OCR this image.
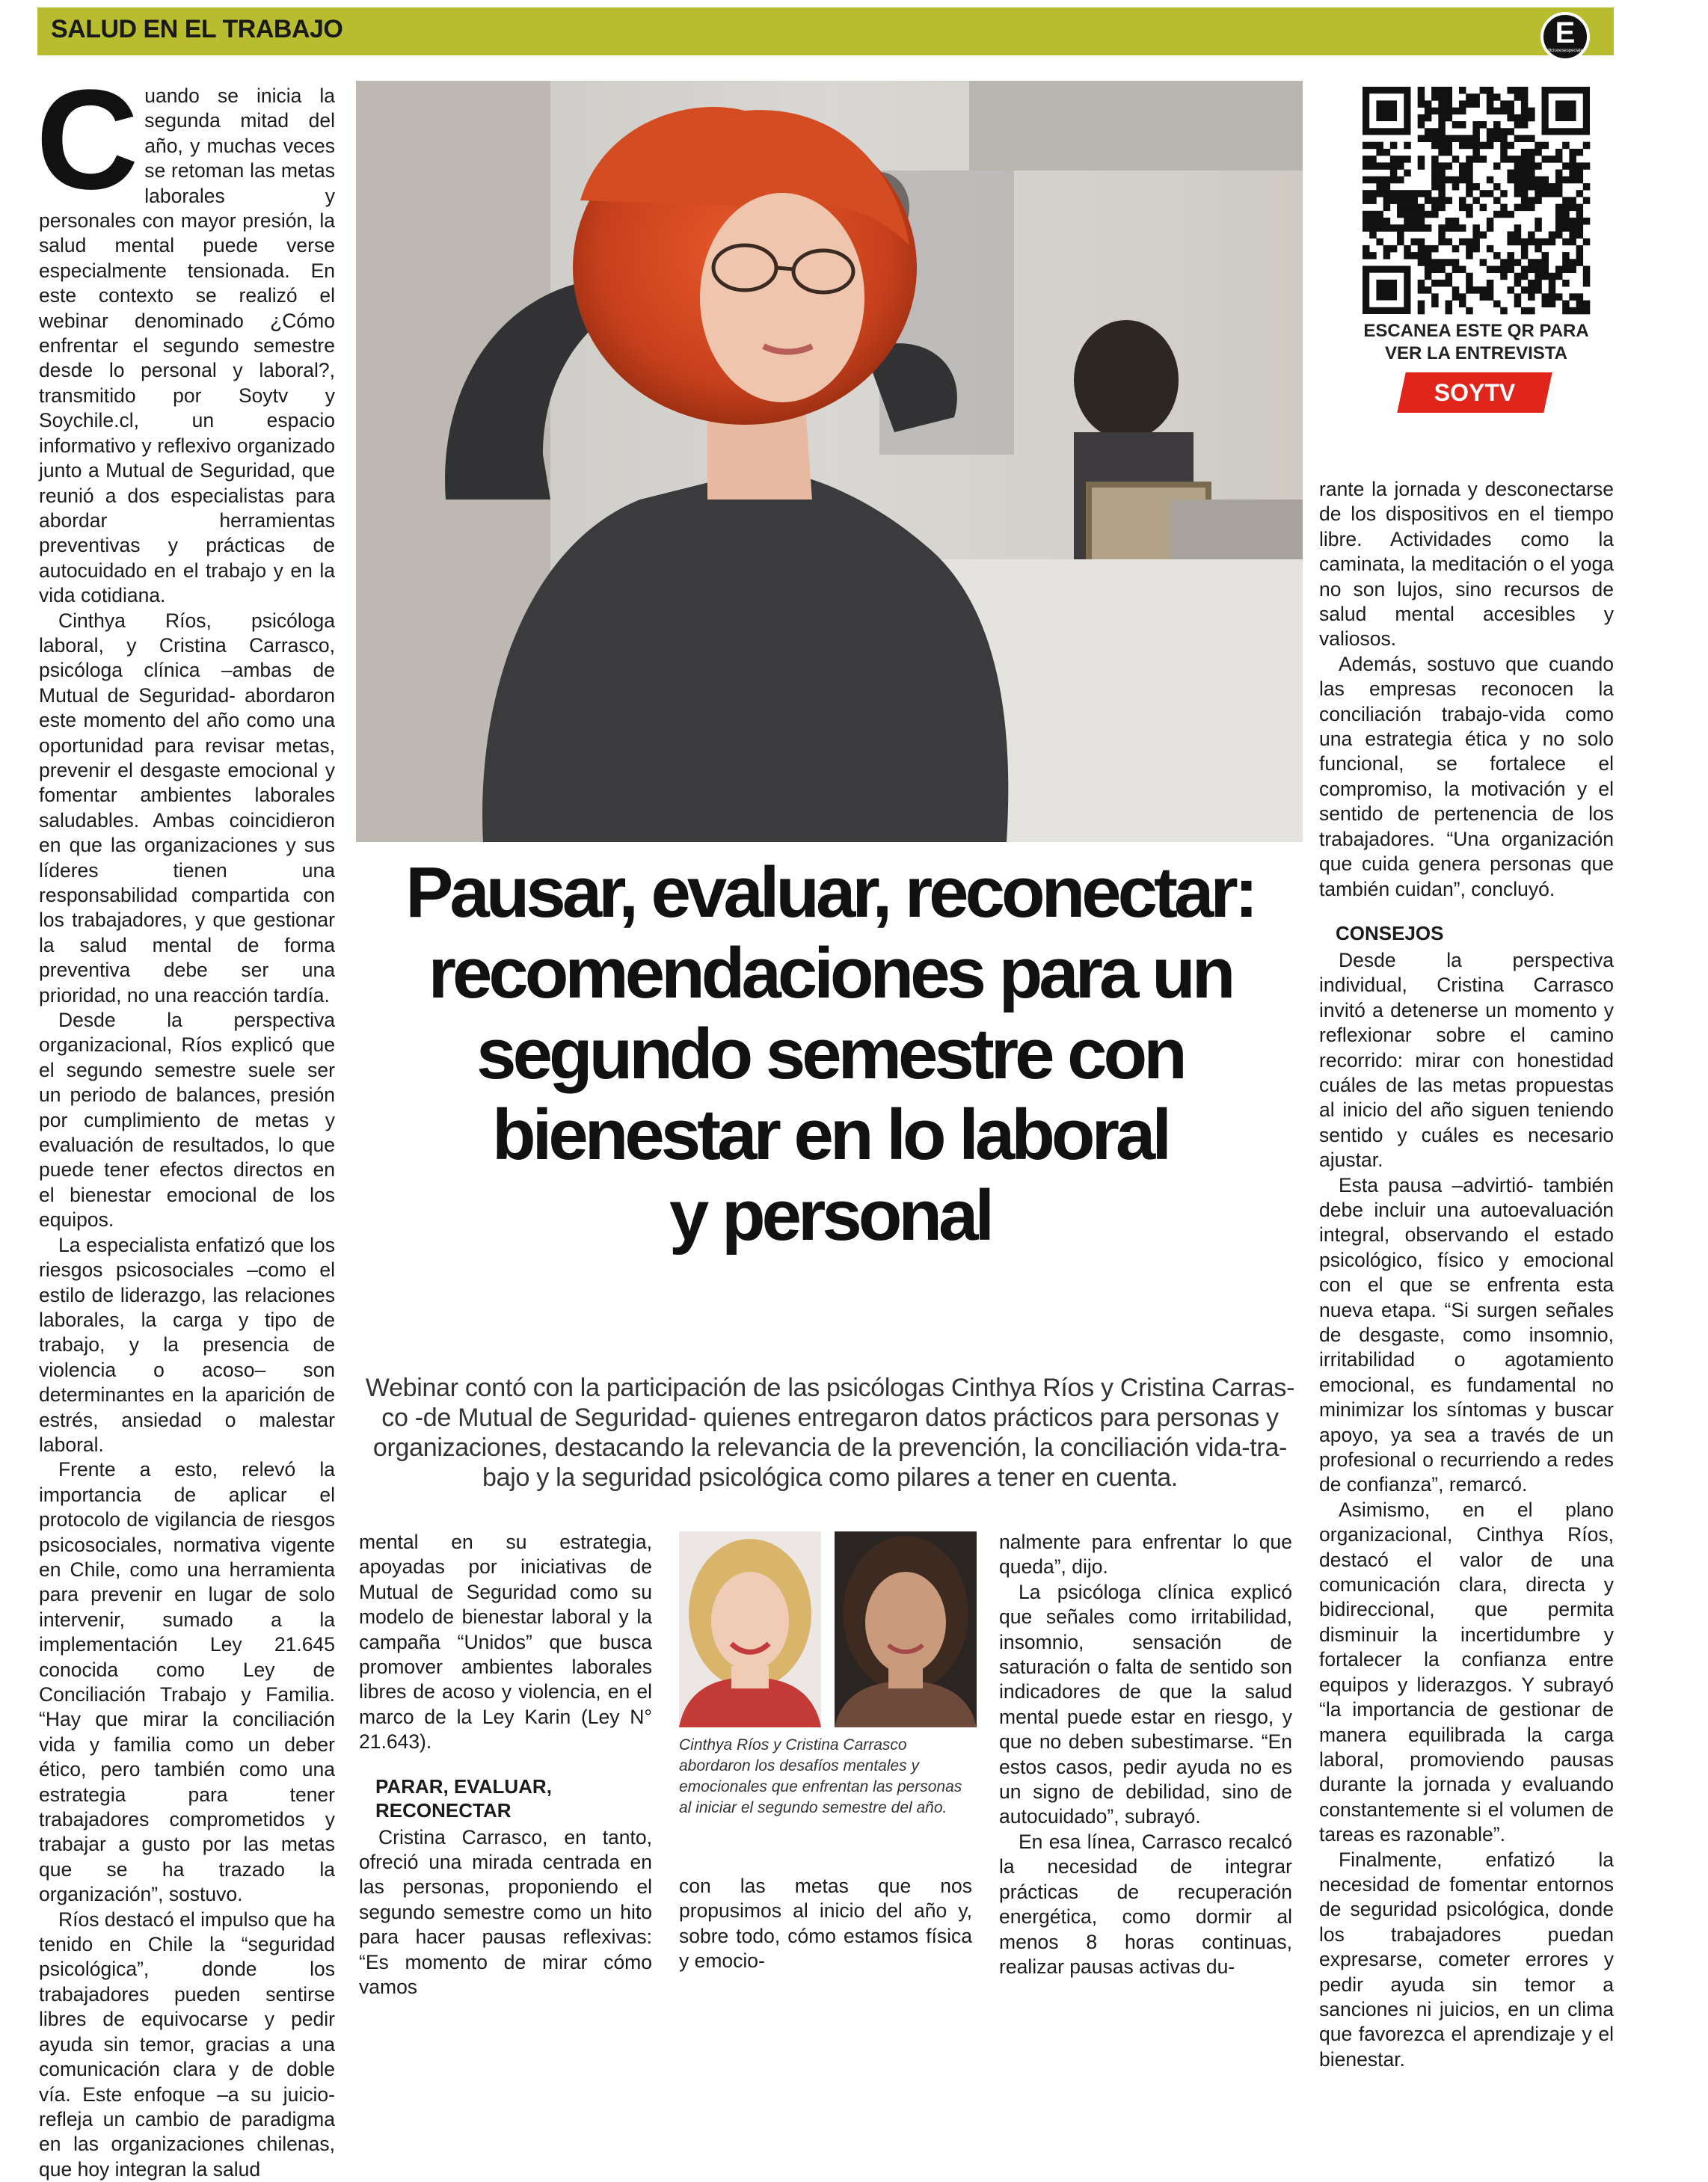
SALUD EN EL TRABAJO	E
edicionesespeciales

Cuando se inicia la segunda mitad del año, y muchas veces se retoman las metas laborales y personales con mayor presión, la salud mental puede verse especialmente tensionada. En este contexto se realizó el webinar denominado ¿Cómo enfrentar el segundo semestre desde lo personal y laboral?, transmitido por Soytv y Soychile.cl, un espacio informativo y reflexivo organizado junto a Mutual de Seguridad, que reunió a dos especialistas para abordar herramientas preventivas y prácticas de autocuidado en el trabajo y en la vida cotidiana.

Cinthya Ríos, psicóloga laboral, y Cristina Carrasco, psicóloga clínica –ambas de Mutual de Seguridad- abordaron este momento del año como una oportunidad para revisar metas, prevenir el desgaste emocional y fomentar ambientes laborales saludables. Ambas coincidieron en que las organizaciones y sus líderes tienen una responsabilidad compartida con los trabajadores, y que gestionar la salud mental de forma preventiva debe ser una prioridad, no una reacción tardía.

Desde la perspectiva organizacional, Ríos explicó que el segundo semestre suele ser un periodo de balances, presión por cumplimiento de metas y evaluación de resultados, lo que puede tener efectos directos en el bienestar emocional de los equipos.

La especialista enfatizó que los riesgos psicosociales –como el estilo de liderazgo, las relaciones laborales, la carga y tipo de trabajo, y la presencia de violencia o acoso– son determinantes en la aparición de estrés, ansiedad o malestar laboral.

Frente a esto, relevó la importancia de aplicar el protocolo de vigilancia de riesgos psicosociales, normativa vigente en Chile, como una herramienta para prevenir en lugar de solo intervenir, sumado a la implementación Ley 21.645 conocida como Ley de Conciliación Trabajo y Familia. “Hay que mirar la conciliación vida y familia como un deber ético, pero también como una estrategia para tener trabajadores comprometidos y trabajar a gusto por las metas que se ha trazado la organización”, sostuvo.

Ríos destacó el impulso que ha tenido en Chile la “seguridad psicológica”, donde los trabajadores pueden sentirse libres de equivocarse y pedir ayuda sin temor, gracias a una comunicación clara y de doble vía. Este enfoque –a su juicio- refleja un cambio de paradigma en las organizaciones chilenas, que hoy integran la salud

Pausar, evaluar, reconectar:
recomendaciones para un
segundo semestre con
bienestar en lo laboral
y personal
Webinar contó con la participación de las psicólogas Cinthya Ríos y Cristina Carras-
co -de Mutual de Seguridad- quienes entregaron datos prácticos para personas y
organizaciones, destacando la relevancia de la prevención, la conciliación vida-tra-
bajo y la seguridad psicológica como pilares a tener en cuenta.

mental en su estrategia, apoyadas por iniciativas de Mutual de Seguridad como su modelo de bienestar laboral y la campaña “Unidos” que busca promover ambientes laborales libres de acoso y violencia, en el marco de la Ley Karin (Ley N° 21.643).

PARAR, EVALUAR, RECONECTAR

Cristina Carrasco, en tanto, ofreció una mirada centrada en las personas, proponiendo el segundo semestre como un hito para hacer pausas reflexivas: “Es momento de mirar cómo vamos

Cinthya Ríos y Cristina Carrasco abordaron los desafíos mentales y emocionales que enfrentan las personas al iniciar el segundo semestre del año.

con las metas que nos propusimos al inicio del año y, sobre todo, cómo estamos física y emocio-

nalmente para enfrentar lo que queda”, dijo.

La psicóloga clínica explicó que señales como irritabilidad, insomnio, sensación de saturación o falta de sentido son indicadores de que la salud mental puede estar en riesgo, y que no deben subestimarse. “En estos casos, pedir ayuda no es un signo de debilidad, sino de autocuidado”, subrayó.

En esa línea, Carrasco recalcó la necesidad de integrar prácticas de recuperación energética, como dormir al menos 8 horas continuas, realizar pausas activas du-

ESCANEA ESTE QR PARA
VER LA ENTREVISTA
SOYTV

rante la jornada y desconectarse de los dispositivos en el tiempo libre. Actividades como la caminata, la meditación o el yoga no son lujos, sino recursos de salud mental accesibles y valiosos.

Además, sostuvo que cuando las empresas reconocen la conciliación trabajo-vida como una estrategia ética y no solo funcional, se fortalece el compromiso, la motivación y el sentido de pertenencia de los trabajadores. “Una organización que cuida genera personas que también cuidan”, concluyó.

CONSEJOS

Desde la perspectiva individual, Cristina Carrasco invitó a detenerse un momento y reflexionar sobre el camino recorrido: mirar con honestidad cuáles de las metas propuestas al inicio del año siguen teniendo sentido y cuáles es necesario ajustar.

Esta pausa –advirtió- también debe incluir una autoevaluación integral, observando el estado psicológico, físico y emocional con el que se enfrenta esta nueva etapa. “Si surgen señales de desgaste, como insomnio, irritabilidad o agotamiento emocional, es fundamental no minimizar los síntomas y buscar apoyo, ya sea a través de un profesional o recurriendo a redes de confianza”, remarcó.

Asimismo, en el plano organizacional, Cinthya Ríos, destacó el valor de una comunicación clara, directa y bidireccional, que permita disminuir la incertidumbre y fortalecer la confianza entre equipos y liderazgos. Y subrayó “la importancia de gestionar de manera equilibrada la carga laboral, promoviendo pausas durante la jornada y evaluando constantemente si el volumen de tareas es razonable”.

Finalmente, enfatizó la necesidad de fomentar entornos de seguridad psicológica, donde los trabajadores puedan expresarse, cometer errores y pedir ayuda sin temor a sanciones ni juicios, en un clima que favorezca el aprendizaje y el bienestar.
